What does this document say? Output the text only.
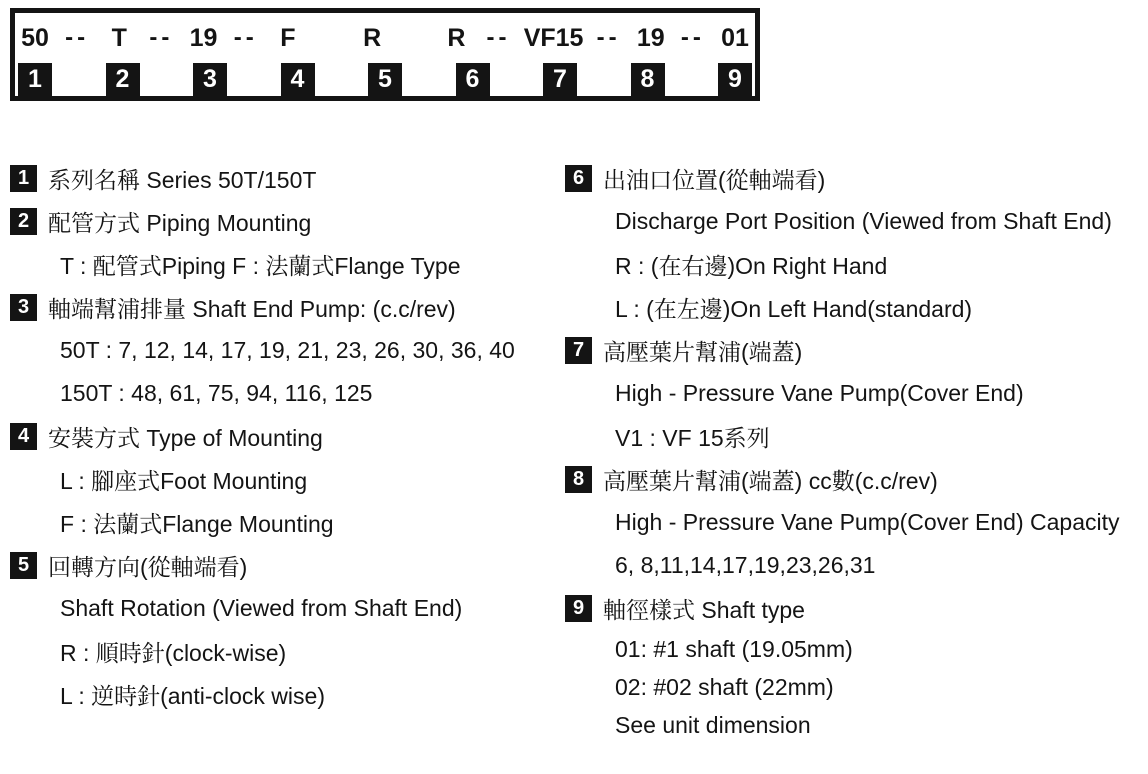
50 -- T -- 19 -- F	R	R -- VF15 -- 19 -- 01
1	2	3	4	5	6	7	8	9
1 系列名稱 Series 50T/150T
2 配管方式 Piping Mounting
T : 配管式Piping F : 法蘭式Flange Type
3 軸端幫浦排量 Shaft End Pump: (c.c/rev)
50T : 7, 12, 14, 17, 19, 21, 23, 26, 30, 36, 40
150T : 48, 61, 75, 94, 116, 125
4 安裝方式 Type of Mounting
L : 腳座式Foot Mounting
F : 法蘭式Flange Mounting
5 回轉方向(從軸端看)
Shaft Rotation (Viewed from Shaft End)
R : 順時針(clock-wise)
L : 逆時針(anti-clock wise)
6 出油口位置(從軸端看)
Discharge Port Position (Viewed from Shaft End)
R : (在右邊)On Right Hand
L : (在左邊)On Left Hand(standard)
7 高壓葉片幫浦(端蓋)
High - Pressure Vane Pump(Cover End)
V1 : VF 15系列
8 高壓葉片幫浦(端蓋) cc數(c.c/rev)
High - Pressure Vane Pump(Cover End) Capacity
6, 8,11,14,17,19,23,26,31
9 軸徑樣式 Shaft type
01: #1 shaft (19.05mm)
02: #02 shaft (22mm)
See unit dimension
